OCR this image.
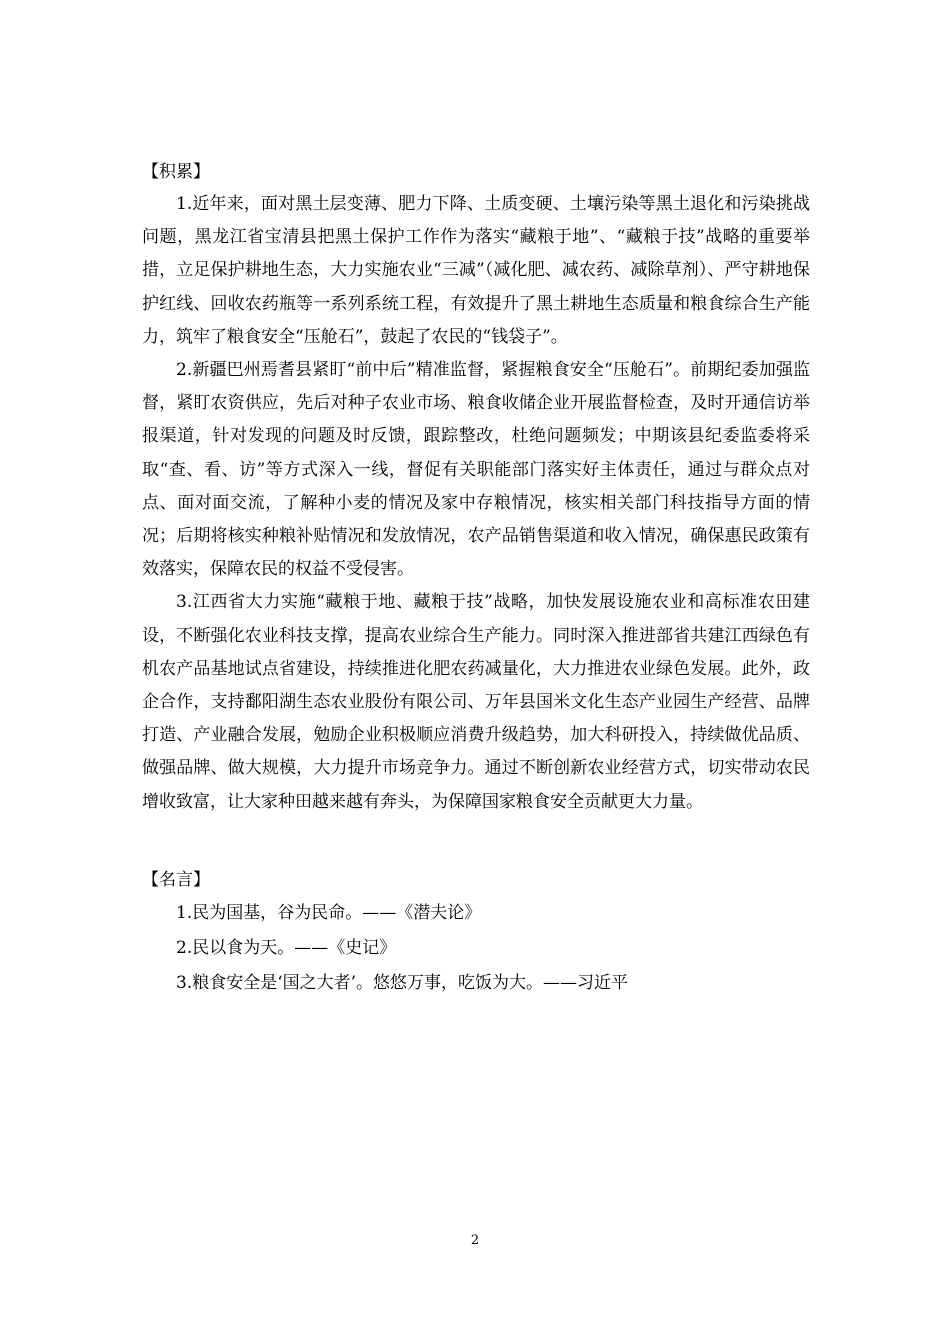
【积累】

1.近年来，面对黑土层变薄、肥力下降、土质变硬、土壤污染等黑土退化和污染挑战问题，黑龙江省宝清县把黑土保护工作作为落实“藏粮于地”、“藏粮于技”战略的重要举措，立足保护耕地生态，大力实施农业“三减”（减化肥、减农药、减除草剂）、严守耕地保护红线、回收农药瓶等一系列系统工程，有效提升了黑土耕地生态质量和粮食综合生产能力，筑牢了粮食安全“压舱石”，鼓起了农民的“钱袋子”。

2.新疆巴州焉耆县紧盯“前中后”精准监督，紧握粮食安全“压舱石”。前期纪委加强监督，紧盯农资供应，先后对种子农业市场、粮食收储企业开展监督检查，及时开通信访举报渠道，针对发现的问题及时反馈，跟踪整改，杜绝问题频发；中期该县纪委监委将采取“查、看、访”等方式深入一线，督促有关职能部门落实好主体责任，通过与群众点对点、面对面交流，了解种小麦的情况及家中存粮情况，核实相关部门科技指导方面的情况；后期将核实种粮补贴情况和发放情况，农产品销售渠道和收入情况，确保惠民政策有效落实，保障农民的权益不受侵害。

3.江西省大力实施“藏粮于地、藏粮于技”战略，加快发展设施农业和高标准农田建设，不断强化农业科技支撑，提高农业综合生产能力。同时深入推进部省共建江西绿色有机农产品基地试点省建设，持续推进化肥农药减量化，大力推进农业绿色发展。此外，政企合作，支持鄱阳湖生态农业股份有限公司、万年县国米文化生态产业园生产经营、品牌打造、产业融合发展，勉励企业积极顺应消费升级趋势，加大科研投入，持续做优品质、做强品牌、做大规模，大力提升市场竞争力。通过不断创新农业经营方式，切实带动农民增收致富，让大家种田越来越有奔头，为保障国家粮食安全贡献更大力量。

【名言】

1.民为国基，谷为民命。——《潜夫论》

2.民以食为天。——《史记》

3.粮食安全是‘国之大者’。悠悠万事，吃饭为大。——习近平

2
